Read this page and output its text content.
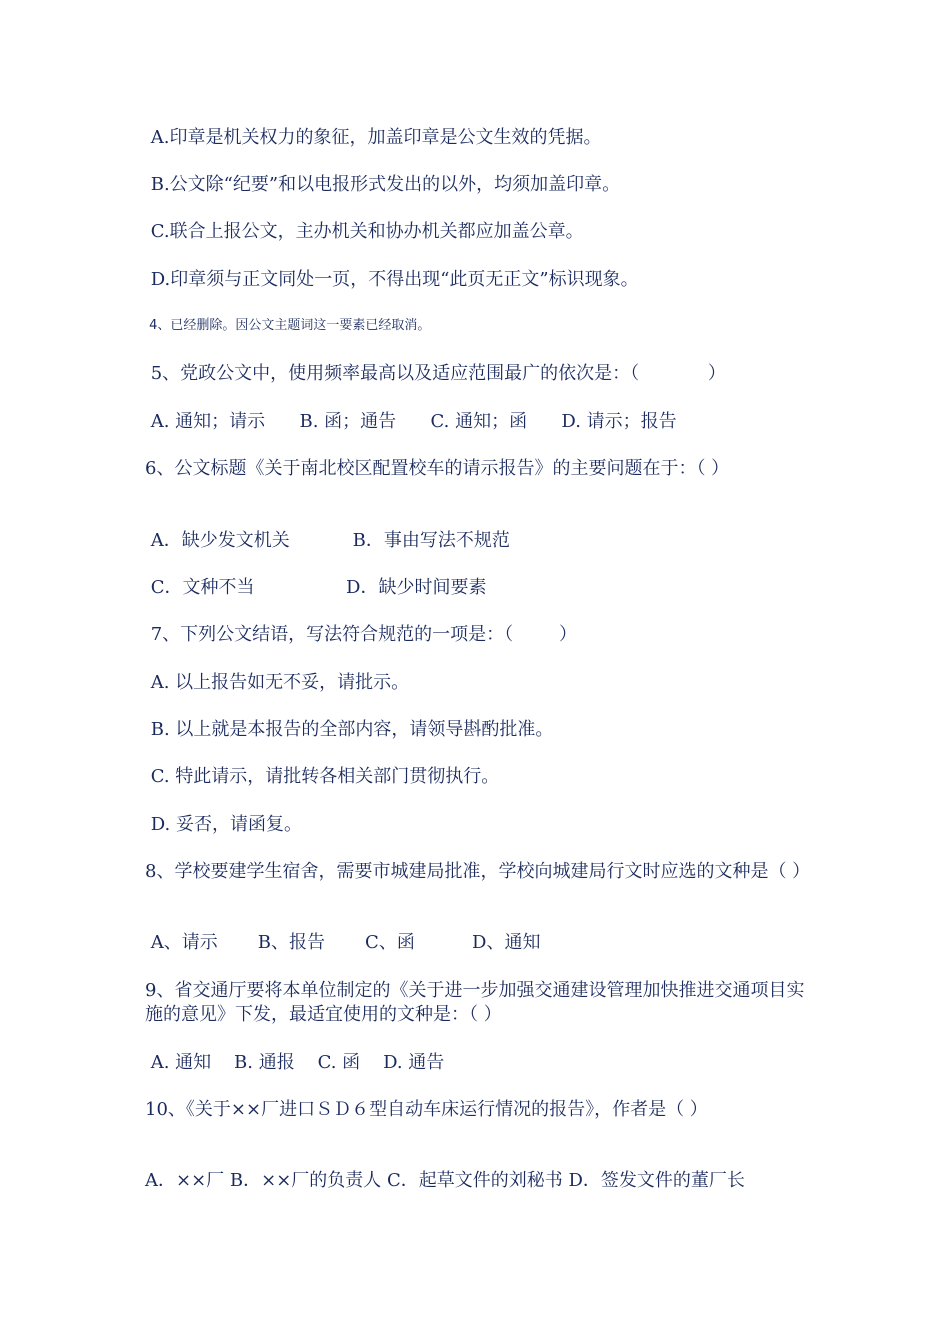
A.印章是机关权力的象征，加盖印章是公文生效的凭据。
B.公文除“纪要”和以电报形式发出的以外，均须加盖印章。
C.联合上报公文，主办机关和协办机关都应加盖公章。
D.印章须与正文同处一页，不得出现“此页无正文”标识现象。
4、已经删除。因公文主题词这一要素已经取消。
5、党政公文中，使用频率最高以及适应范围最广的依次是：（            ）
A. 通知；请示      B. 函；通告      C. 通知；函      D. 请示；报告
6、公文标题《关于南北校区配置校车的请示报告》的主要问题在于：（ ）
A．缺少发文机关           B．事由写法不规范
C．文种不当                D．缺少时间要素
7、下列公文结语，写法符合规范的一项是：（        ）
A. 以上报告如无不妥，请批示。
B. 以上就是本报告的全部内容，请领导斟酌批准。
C. 特此请示，请批转各相关部门贯彻执行。
D. 妥否，请函复。
8、学校要建学生宿舍，需要市城建局批准，学校向城建局行文时应选的文种是（ ）
A、请示       B、报告       C、函          D、通知
9、省交通厅要将本单位制定的《关于进一步加强交通建设管理加快推进交通项目实施的意见》下发，最适宜使用的文种是：（ ）
A. 通知    B. 通报    C. 函    D. 通告
10、《关于××厂进口ＳＤ６型自动车床运行情况的报告》，作者是（ ）
A．××厂 B．××厂的负责人 C．起草文件的刘秘书 D．签发文件的董厂长
